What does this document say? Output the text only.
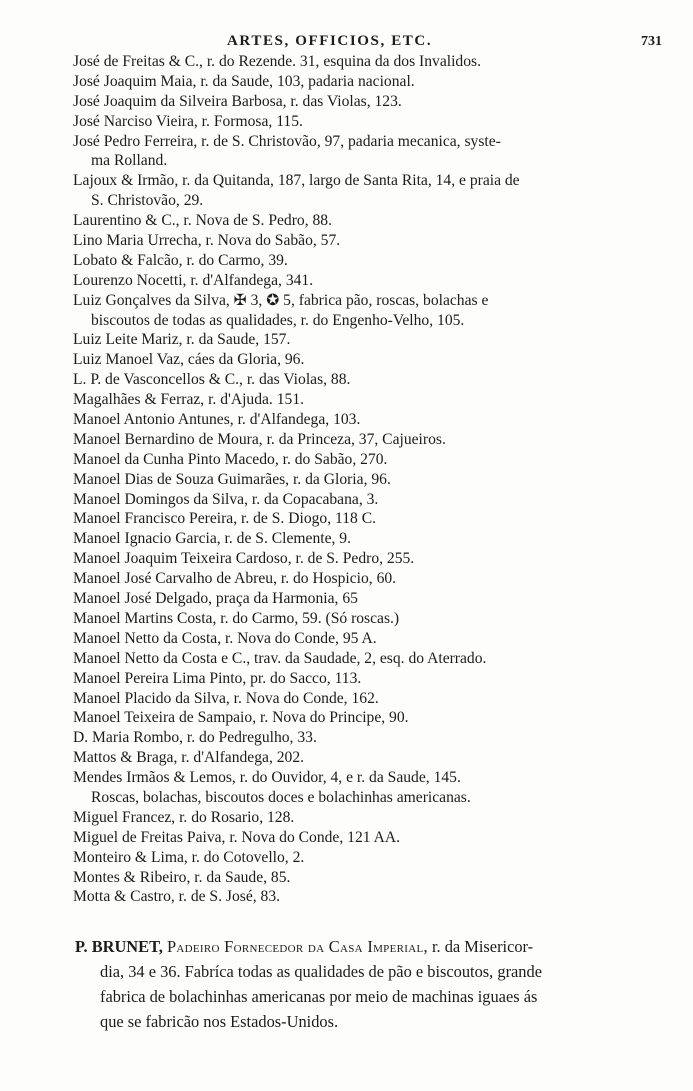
ARTES, OFFICIOS, ETC.	731
José de Freitas & C., r. do Rezende. 31, esquina da dos Invalidos.
José Joaquim Maia, r. da Saude, 103, padaria nacional.
José Joaquim da Silveira Barbosa, r. das Violas, 123.
José Narciso Vieira, r. Formosa, 115.
José Pedro Ferreira, r. de S. Christovão, 97, padaria mecanica, syste-
ma Rolland.
Lajoux & Irmão, r. da Quitanda, 187, largo de Santa Rita, 14, e praia de
S. Christovão, 29.
Laurentino & C., r. Nova de S. Pedro, 88.
Lino Maria Urrecha, r. Nova do Sabão, 57.
Lobato & Falcão, r. do Carmo, 39.
Lourenzo Nocetti, r. d'Alfandega, 341.
Luiz Gonçalves da Silva, ✠ 3, ✪ 5, fabrica pão, roscas, bolachas e
biscoutos de todas as qualidades, r. do Engenho-Velho, 105.
Luiz Leite Mariz, r. da Saude, 157.
Luiz Manoel Vaz, cáes da Gloria, 96.
L. P. de Vasconcellos & C., r. das Violas, 88.
Magalhães & Ferraz, r. d'Ajuda. 151.
Manoel Antonio Antunes, r. d'Alfandega, 103.
Manoel Bernardino de Moura, r. da Princeza, 37, Cajueiros.
Manoel da Cunha Pinto Macedo, r. do Sabão, 270.
Manoel Dias de Souza Guimarães, r. da Gloria, 96.
Manoel Domingos da Silva, r. da Copacabana, 3.
Manoel Francisco Pereira, r. de S. Diogo, 118 C.
Manoel Ignacio Garcia, r. de S. Clemente, 9.
Manoel Joaquim Teixeira Cardoso, r. de S. Pedro, 255.
Manoel José Carvalho de Abreu, r. do Hospicio, 60.
Manoel José Delgado, praça da Harmonia, 65
Manoel Martins Costa, r. do Carmo, 59. (Só roscas.)
Manoel Netto da Costa, r. Nova do Conde, 95 A.
Manoel Netto da Costa e C., trav. da Saudade, 2, esq. do Aterrado.
Manoel Pereira Lima Pinto, pr. do Sacco, 113.
Manoel Placido da Silva, r. Nova do Conde, 162.
Manoel Teixeira de Sampaio, r. Nova do Principe, 90.
D. Maria Rombo, r. do Pedregulho, 33.
Mattos & Braga, r. d'Alfandega, 202.
Mendes Irmãos & Lemos, r. do Ouvidor, 4, e r. da Saude, 145.
Roscas, bolachas, biscoutos doces e bolachinhas americanas.
Miguel Francez, r. do Rosario, 128.
Miguel de Freitas Paiva, r. Nova do Conde, 121 AA.
Monteiro & Lima, r. do Cotovello, 2.
Montes & Ribeiro, r. da Saude, 85.
Motta & Castro, r. de S. José, 83.
P. BRUNET, Padeiro Fornecedor da Casa Imperial, r. da Misericor-
dia, 34 e 36. Fabríca todas as qualidades de pão e biscoutos, grande
fabrica de bolachinhas americanas por meio de machinas iguaes ás
que se fabricão nos Estados-Unidos.
